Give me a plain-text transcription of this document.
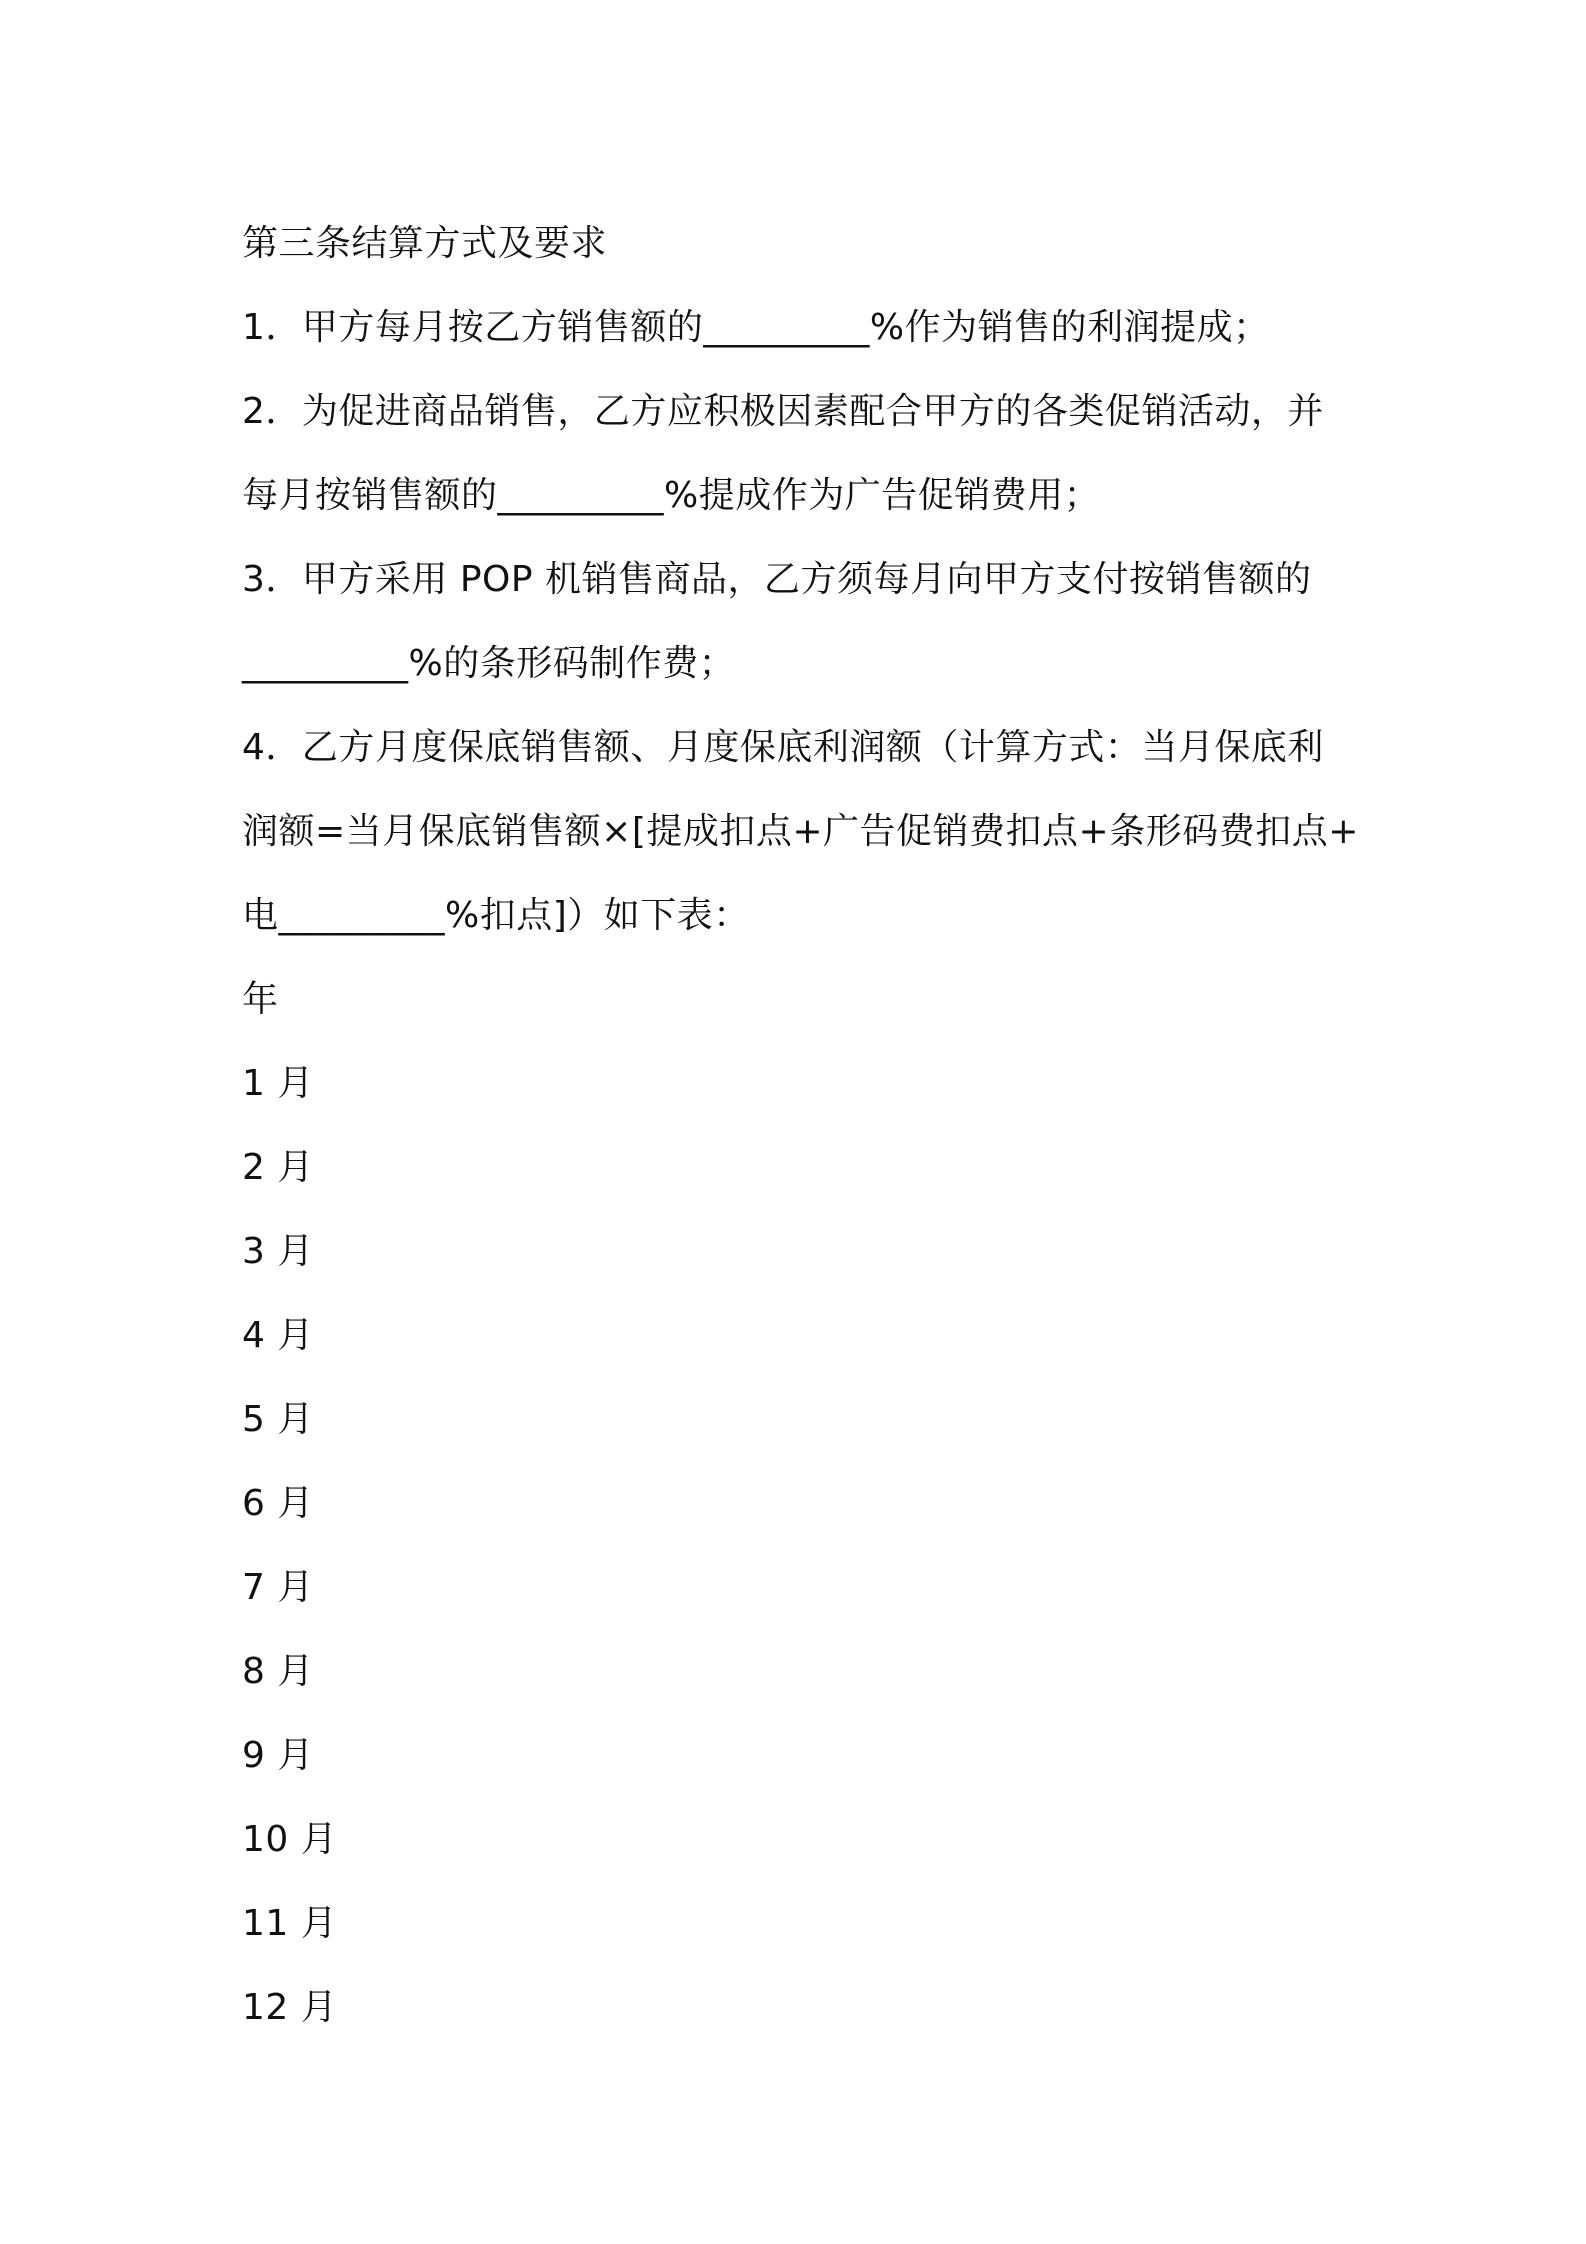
第三条结算方式及要求
1．甲方每月按乙方销售额的_________%作为销售的利润提成；
2．为促进商品销售，乙方应积极因素配合甲方的各类促销活动，并
每月按销售额的_________%提成作为广告促销费用；
3．甲方采用 POP 机销售商品，乙方须每月向甲方支付按销售额的
_________%的条形码制作费；
4．乙方月度保底销售额、月度保底利润额（计算方式：当月保底利
润额=当月保底销售额×[提成扣点+广告促销费扣点+条形码费扣点+
电_________%扣点]）如下表：
年
1 月
2 月
3 月
4 月
5 月
6 月
7 月
8 月
9 月
10 月
11 月
12 月
